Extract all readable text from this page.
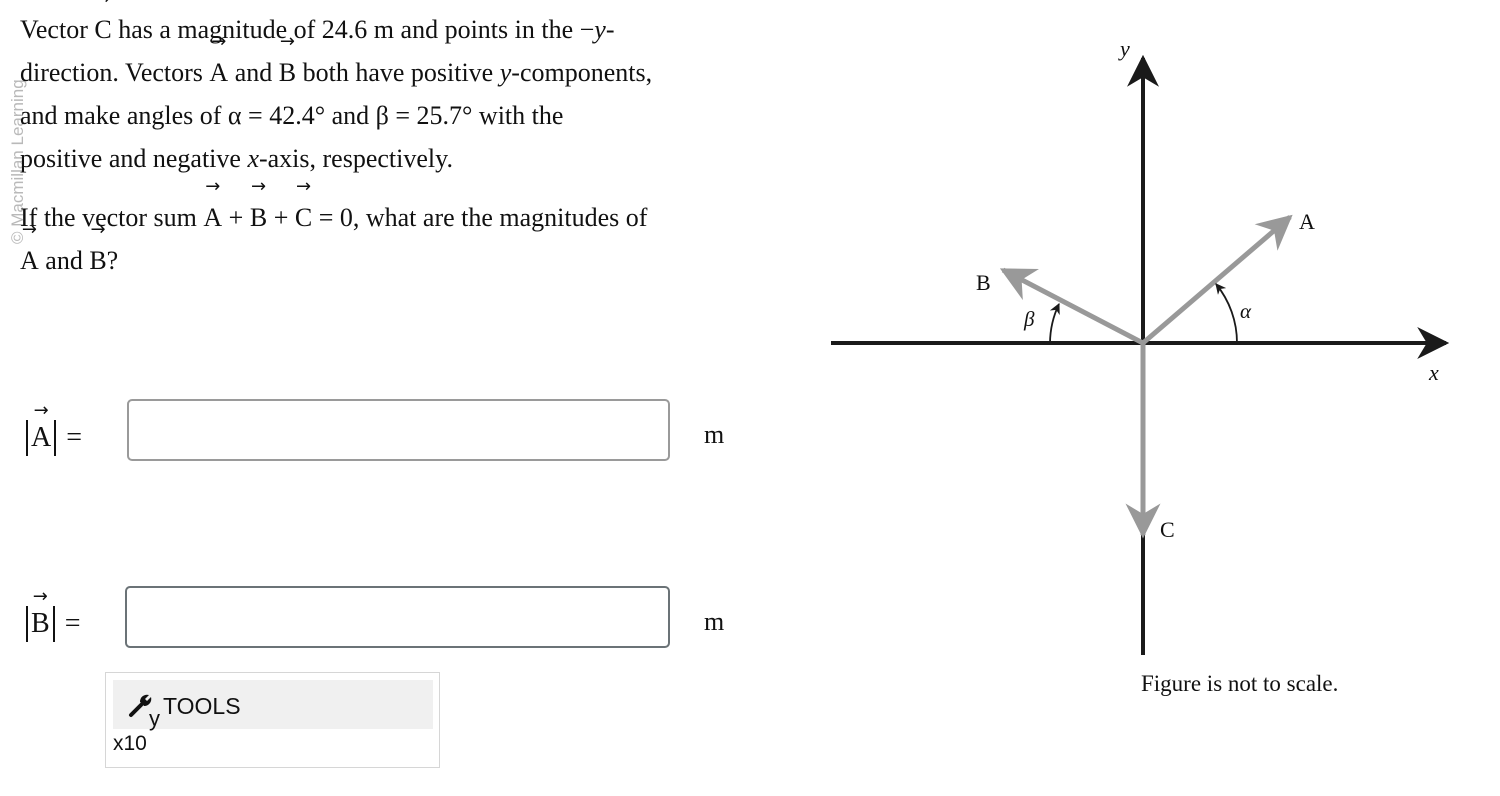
© Macmillan Learning

Vector → C has a magnitude of 24.6 m and points in the −y-
direction. Vectors → A and → B both have positive y-components,
and make angles of α = 42.4° and β = 25.7° with the
positive and negative x-axis, respectively.

If the vector sum → A + → B + → C = 0, what are the magnitudes of
→ A and → B?

→ A =	m
→ B =	m
y TOOLS
x10
y
x
A
B
C
α
β
Figure is not to scale.
